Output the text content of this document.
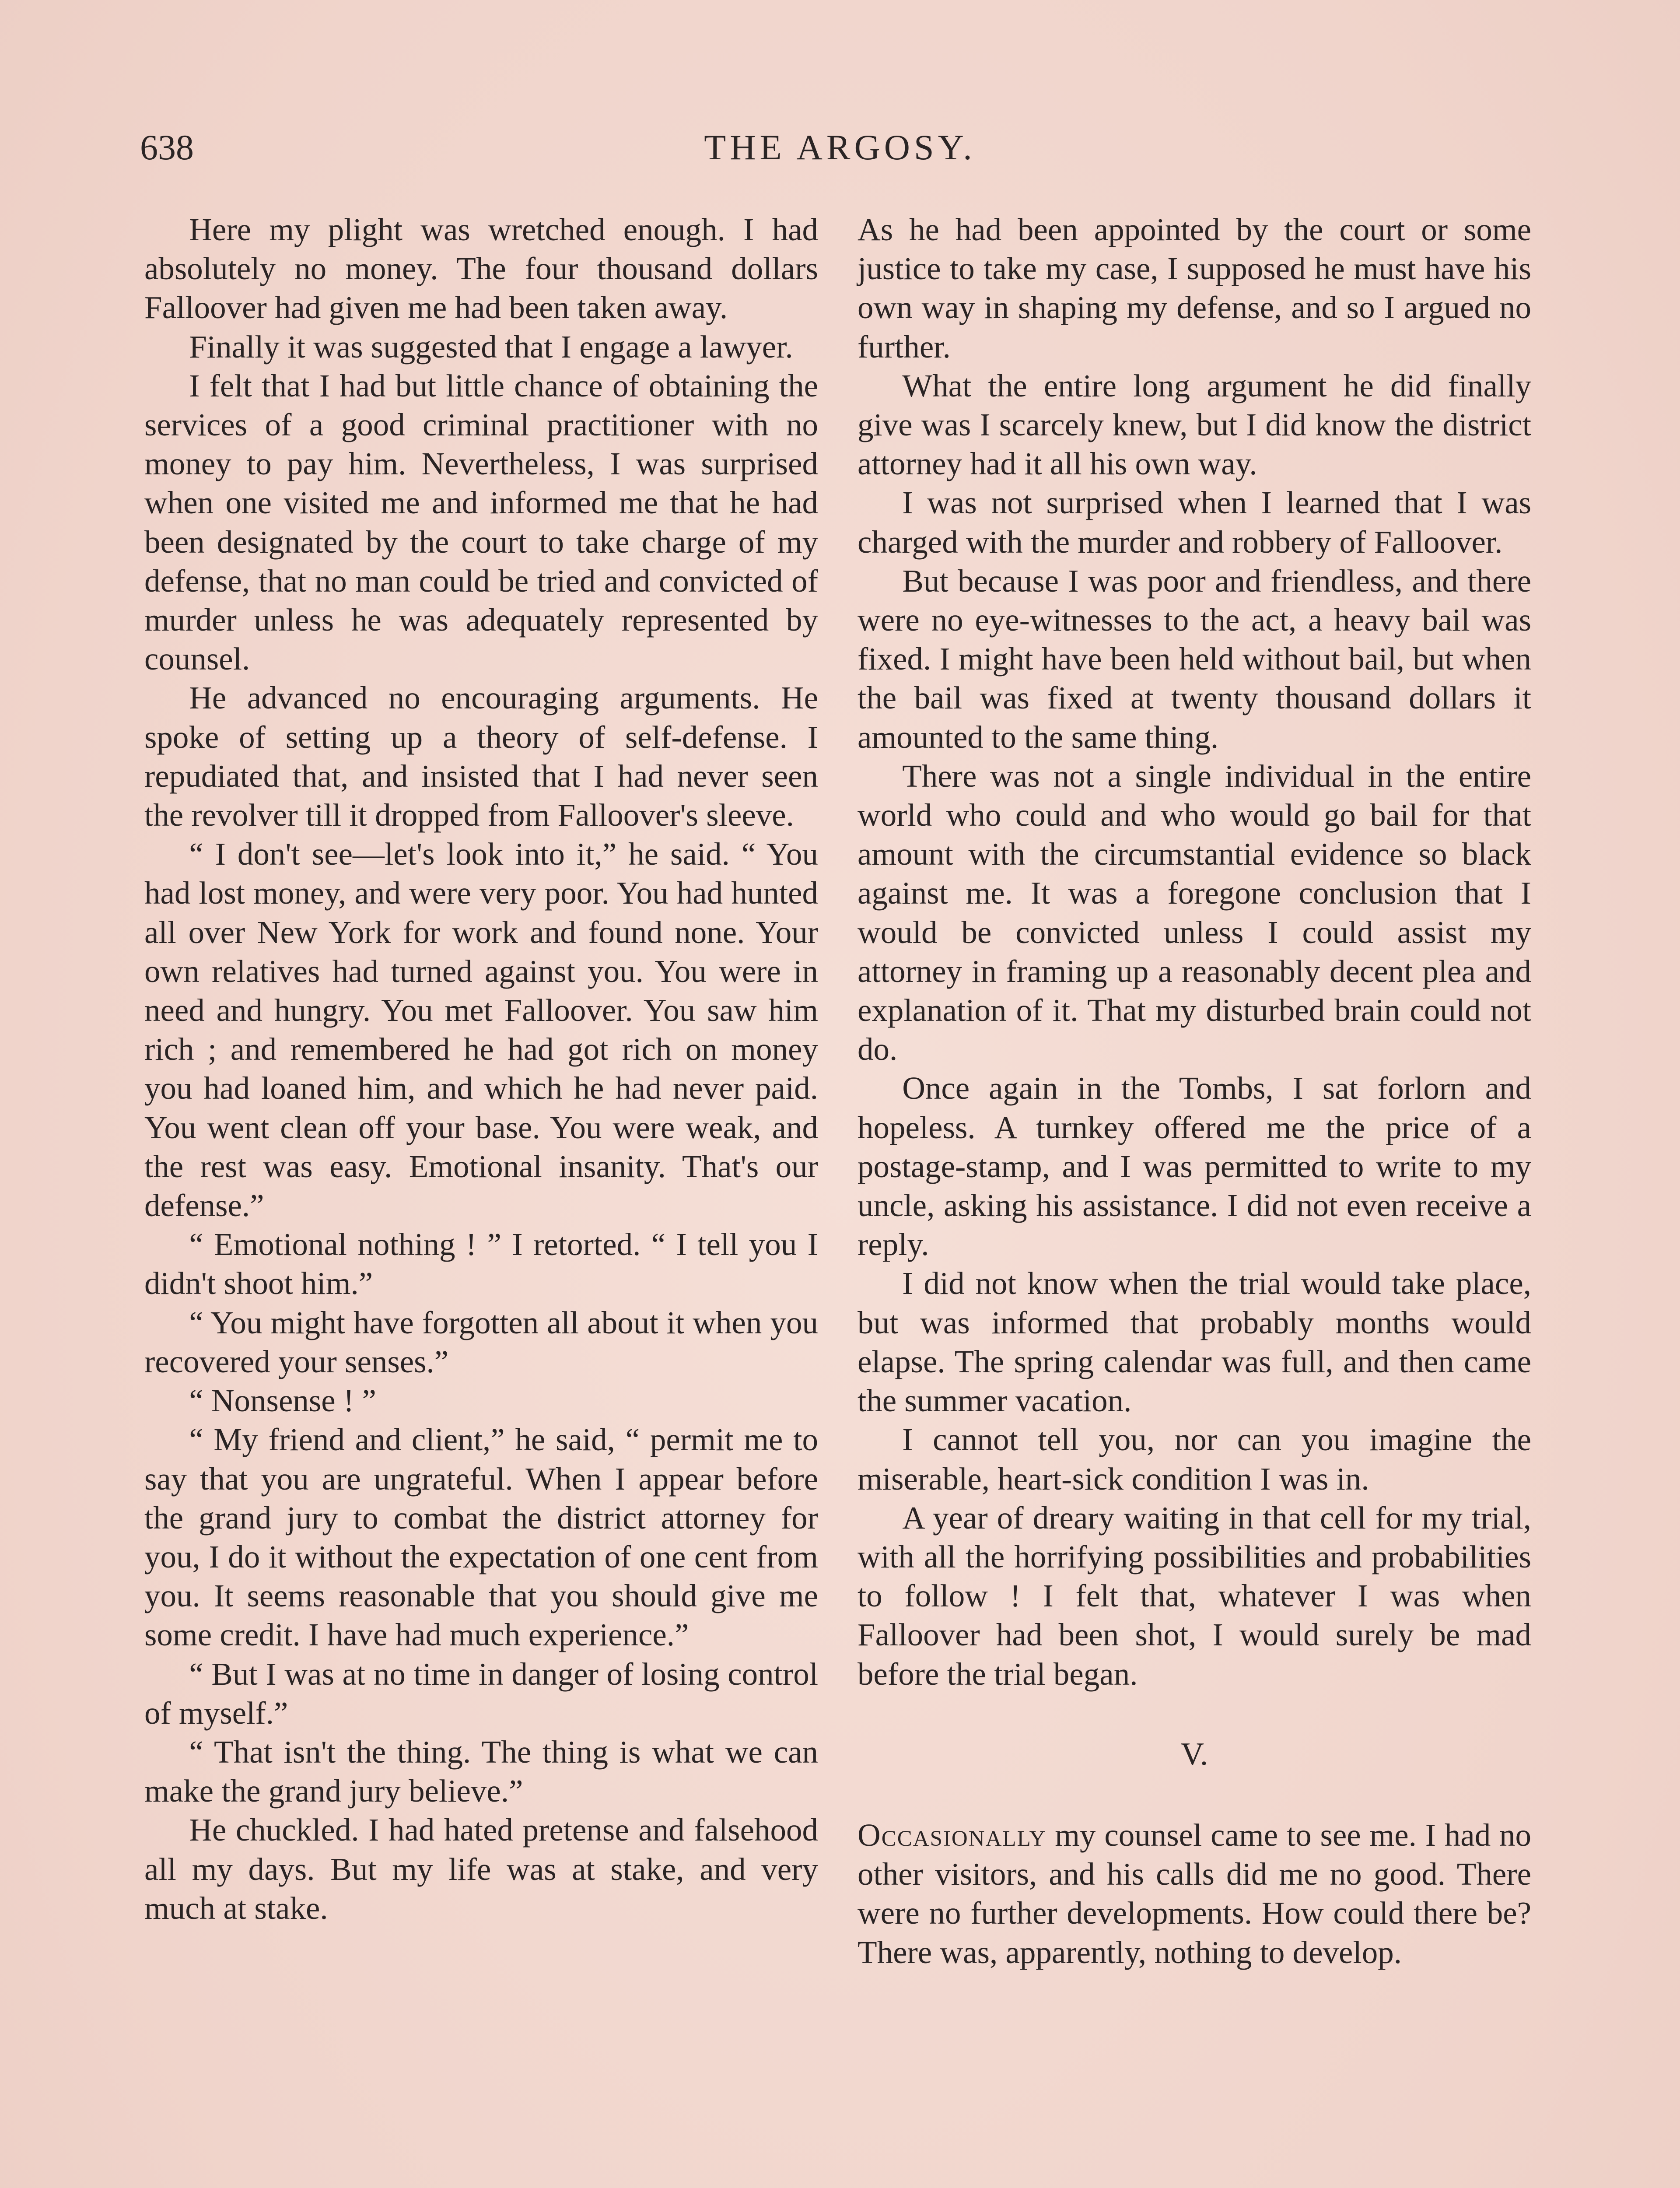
638	THE ARGOSY.

Here my plight was wretched enough. I had absolutely no money. The four thousand dollars Falloover had given me had been taken away.

Finally it was suggested that I engage a lawyer.

I felt that I had but little chance of obtaining the services of a good criminal practitioner with no money to pay him. Nevertheless, I was surprised when one visited me and informed me that he had been designated by the court to take charge of my defense, that no man could be tried and convicted of murder unless he was adequately represented by counsel.

He advanced no encouraging arguments. He spoke of setting up a theory of self-defense. I repudiated that, and insisted that I had never seen the revolver till it dropped from Falloover's sleeve.

“ I don't see—let's look into it,” he said. “ You had lost money, and were very poor. You had hunted all over New York for work and found none. Your own relatives had turned against you. You were in need and hungry. You met Falloover. You saw him rich ; and remembered he had got rich on money you had loaned him, and which he had never paid. You went clean off your base. You were weak, and the rest was easy. Emotional insanity. That's our defense.”

“ Emotional nothing ! ” I retorted. “ I tell you I didn't shoot him.”

“ You might have forgotten all about it when you recovered your senses.”

“ Nonsense ! ”

“ My friend and client,” he said, “ permit me to say that you are ungrateful. When I appear before the grand jury to combat the district attorney for you, I do it without the expectation of one cent from you. It seems reasonable that you should give me some credit. I have had much experience.”

“ But I was at no time in danger of losing control of myself.”

“ That isn't the thing. The thing is what we can make the grand jury believe.”

He chuckled. I had hated pretense and falsehood all my days. But my life was at stake, and very much at stake.

As he had been appointed by the court or some justice to take my case, I supposed he must have his own way in shaping my defense, and so I argued no further.

What the entire long argument he did finally give was I scarcely knew, but I did know the district attorney had it all his own way.

I was not surprised when I learned that I was charged with the murder and robbery of Falloover.

But because I was poor and friendless, and there were no eye-witnesses to the act, a heavy bail was fixed. I might have been held without bail, but when the bail was fixed at twenty thousand dollars it amounted to the same thing.

There was not a single individual in the entire world who could and who would go bail for that amount with the circumstantial evidence so black against me. It was a foregone conclusion that I would be convicted unless I could assist my attorney in framing up a reasonably decent plea and explanation of it. That my disturbed brain could not do.

Once again in the Tombs, I sat forlorn and hopeless. A turnkey offered me the price of a postage-stamp, and I was permitted to write to my uncle, asking his assistance. I did not even receive a reply.

I did not know when the trial would take place, but was informed that probably months would elapse. The spring calendar was full, and then came the summer vacation.

I cannot tell you, nor can you imagine the miserable, heart-sick condition I was in.

A year of dreary waiting in that cell for my trial, with all the horrifying possibilities and probabilities to follow ! I felt that, whatever I was when Falloover had been shot, I would surely be mad before the trial began.

V.

Occasionally my counsel came to see me. I had no other visitors, and his calls did me no good. There were no further developments. How could there be? There was, apparently, nothing to develop.
